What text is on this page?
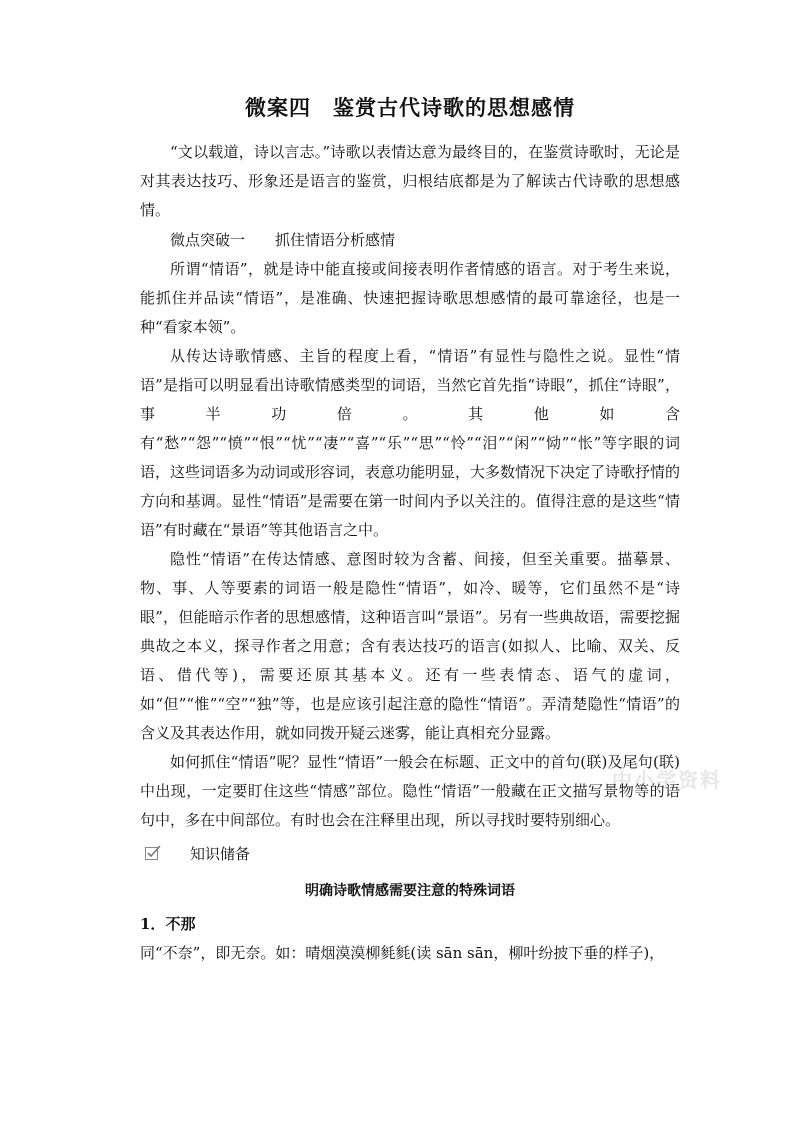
中小学资料
微案四　鉴赏古代诗歌的思想感情

“文以载道，诗以言志。”诗歌以表情达意为最终目的，在鉴赏诗歌时，无论是对其表达技巧、形象还是语言的鉴赏，归根结底都是为了解读古代诗歌的思想感情。

微点突破一 抓住情语分析感情

所谓“情语”，就是诗中能直接或间接表明作者情感的语言。对于考生来说，能抓住并品读“情语”，是准确、快速把握诗歌思想感情的最可靠途径，也是一种“看家本领”。

从传达诗歌情感、主旨的程度上看，“情语”有显性与隐性之说。显性“情语”是指可以明显看出诗歌情感类型的词语，当然它首先指“诗眼”，抓住“诗眼”，事半功倍。其他如含有“愁”“怨”“愤”“恨”“忧”“凄”“喜”“乐”“思”“怜”“泪”“闲”“恸”“怅”等字眼的词语，这些词语多为动词或形容词，表意功能明显，大多数情况下决定了诗歌抒情的方向和基调。显性“情语”是需要在第一时间内予以关注的。值得注意的是这些“情语”有时藏在“景语”等其他语言之中。

隐性“情语”在传达情感、意图时较为含蓄、间接，但至关重要。描摹景、物、事、人等要素的词语一般是隐性“情语”，如冷、暖等，它们虽然不是“诗眼”，但能暗示作者的思想感情，这种语言叫“景语”。另有一些典故语，需要挖掘典故之本义，探寻作者之用意；含有表达技巧的语言(如拟人、比喻、双关、反语、借代等)，需要还原其基本义。还有一些表情态、语气的虚词，如“但”“惟”“空”“独”等，也是应该引起注意的隐性“情语”。弄清楚隐性“情语”的含义及其表达作用，就如同拨开疑云迷雾，能让真相充分显露。

如何抓住“情语”呢？显性“情语”一般会在标题、正文中的首句(联)及尾句(联)中出现，一定要盯住这些“情感”部位。隐性“情语”一般藏在正文描写景物等的语句中，多在中间部位。有时也会在注释里出现，所以寻找时要特别细心。

知识储备
明确诗歌情感需要注意的特殊词语

1．不那

同“不奈”，即无奈。如：晴烟漠漠柳毵毵(读 sān sān，柳叶纷披下垂的样子)，
